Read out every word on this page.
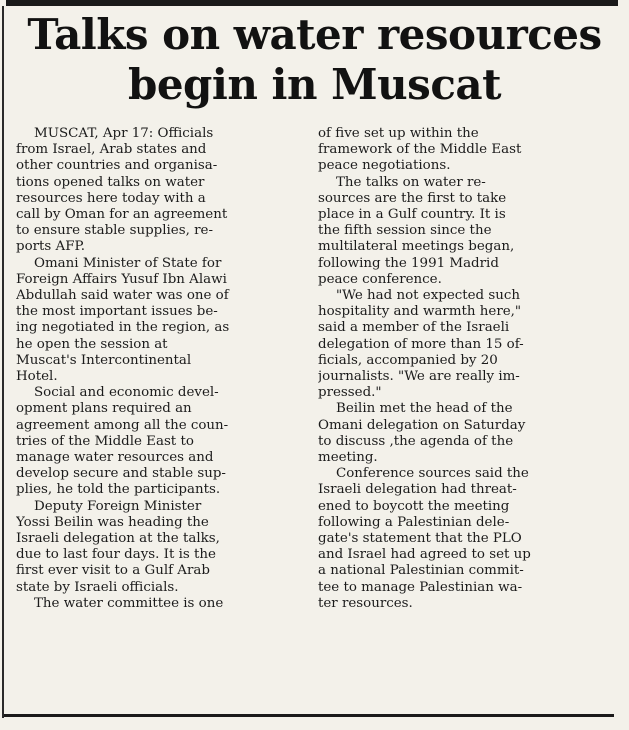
Talks on water resources
begin in Muscat
MUSCAT, Apr 17: Officials
from Israel, Arab states and
other countries and organisa-
tions opened talks on water
resources here today with a
call by Oman for an agreement
to ensure stable supplies, re-
ports AFP.
Omani Minister of State for
Foreign Affairs Yusuf Ibn Alawi
Abdullah said water was one of
the most important issues be-
ing negotiated in the region, as
he open the session at
Muscat's Intercontinental
Hotel.
Social and economic devel-
opment plans required an
agreement among all the coun-
tries of the Middle East to
manage water resources and
develop secure and stable sup-
plies, he told the participants.
Deputy Foreign Minister
Yossi Beilin was heading the
Israeli delegation at the talks,
due to last four days. It is the
first ever visit to a Gulf Arab
state by Israeli officials.
The water committee is one
of five set up within the
framework of the Middle East
peace negotiations.
The talks on water re-
sources are the first to take
place in a Gulf country. It is
the fifth session since the
multilateral meetings began,
following the 1991 Madrid
peace conference.
"We had not expected such
hospitality and warmth here,"
said a member of the Israeli
delegation of more than 15 of-
ficials, accompanied by 20
journalists. "We are really im-
pressed."
Beilin met the head of the
Omani delegation on Saturday
to discuss ,the agenda of the
meeting.
Conference sources said the
Israeli delegation had threat-
ened to boycott the meeting
following a Palestinian dele-
gate's statement that the PLO
and Israel had agreed to set up
a national Palestinian commit-
tee to manage Palestinian wa-
ter resources.
